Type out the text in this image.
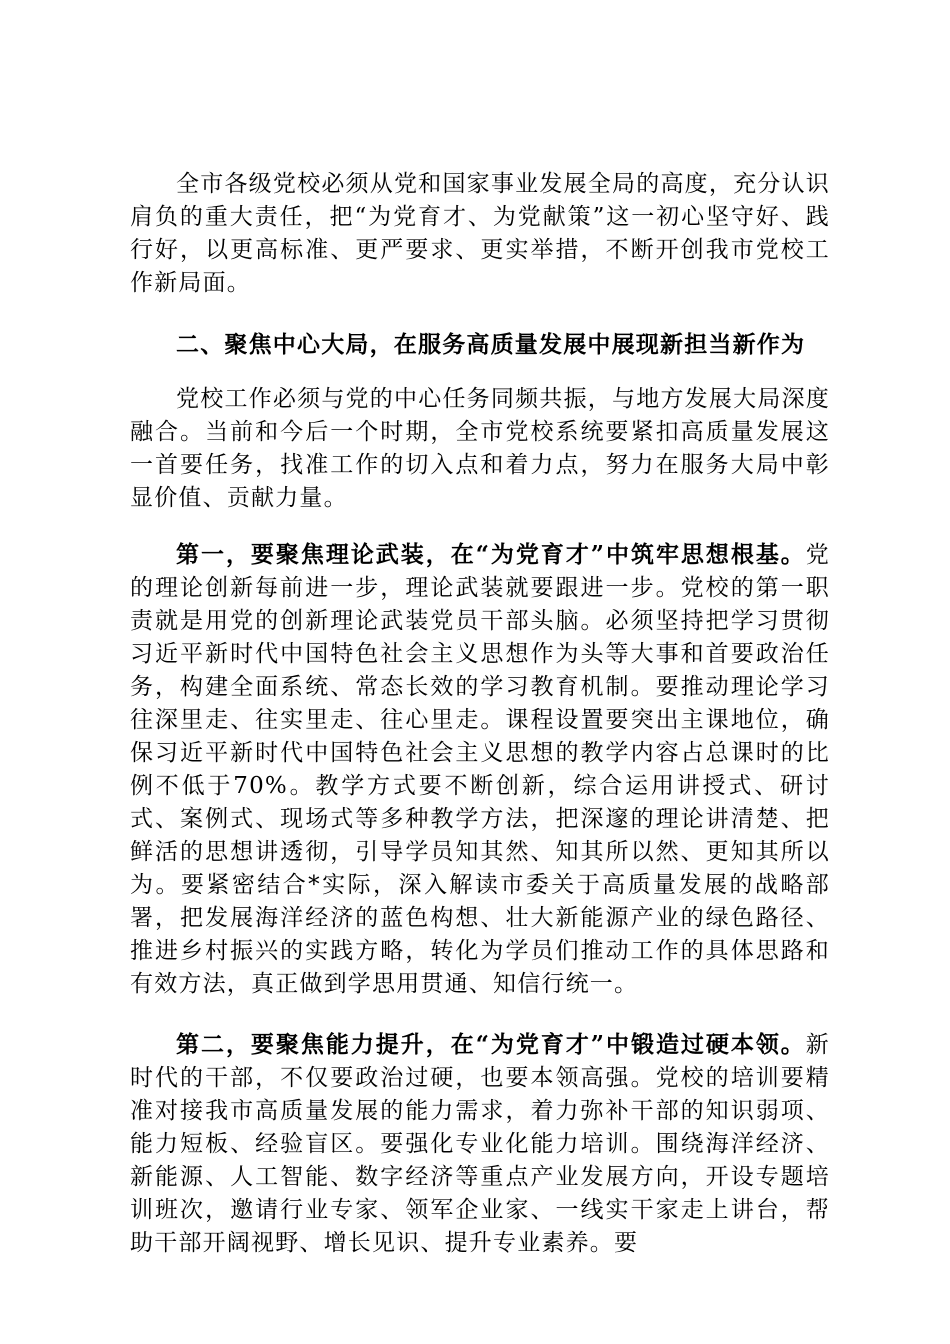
全市各级党校必须从党和国家事业发展全局的高度，充分认识肩负的重大责任，把“为党育才、为党献策”这一初心坚守好、践行好，以更高标准、更严要求、更实举措，不断开创我市党校工作新局面。

二、聚焦中心大局，在服务高质量发展中展现新担当新作为

党校工作必须与党的中心任务同频共振，与地方发展大局深度融合。当前和今后一个时期，全市党校系统要紧扣高质量发展这一首要任务，找准工作的切入点和着力点，努力在服务大局中彰显价值、贡献力量。

第一，要聚焦理论武装，在“为党育才”中筑牢思想根基。党的理论创新每前进一步，理论武装就要跟进一步。党校的第一职责就是用党的创新理论武装党员干部头脑。必须坚持把学习贯彻习近平新时代中国特色社会主义思想作为头等大事和首要政治任务，构建全面系统、常态长效的学习教育机制。要推动理论学习往深里走、往实里走、往心里走。课程设置要突出主课地位，确保习近平新时代中国特色社会主义思想的教学内容占总课时的比例不低于70%。教学方式要不断创新，综合运用讲授式、研讨式、案例式、现场式等多种教学方法，把深邃的理论讲清楚、把鲜活的思想讲透彻，引导学员知其然、知其所以然、更知其所以为。要紧密结合*实际，深入解读市委关于高质量发展的战略部署，把发展海洋经济的蓝色构想、壮大新能源产业的绿色路径、推进乡村振兴的实践方略，转化为学员们推动工作的具体思路和有效方法，真正做到学思用贯通、知信行统一。

第二，要聚焦能力提升，在“为党育才”中锻造过硬本领。新时代的干部，不仅要政治过硬，也要本领高强。党校的培训要精准对接我市高质量发展的能力需求，着力弥补干部的知识弱项、能力短板、经验盲区。要强化专业化能力培训。围绕海洋经济、新能源、人工智能、数字经济等重点产业发展方向，开设专题培训班次，邀请行业专家、领军企业家、一线实干家走上讲台，帮助干部开阔视野、增长见识、提升专业素养。要
